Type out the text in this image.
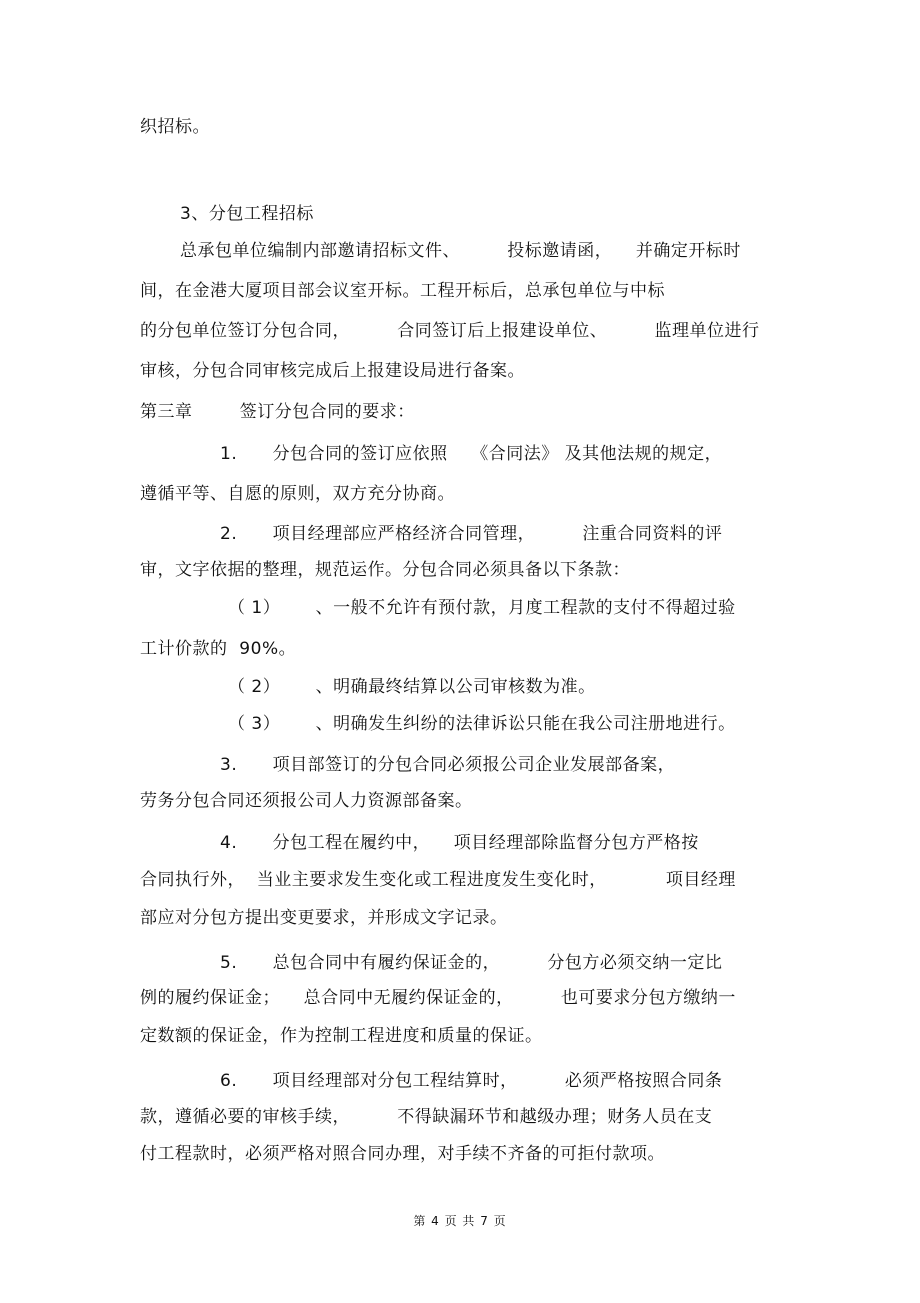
织招标。
3、分包工程招标
总承包单位编制内部邀请招标文件、        投标邀请函，    并确定开标时
间，在金港大厦项目部会议室开标。工程开标后，总承包单位与中标
的分包单位签订分包合同，        合同签订后上报建设单位、        监理单位进行
审核，分包合同审核完成后上报建设局进行备案。
第三章        签订分包合同的要求：
1.      分包合同的签订应依照    《合同法》 及其他法规的规定，
遵循平等、自愿的原则，双方充分协商。
2.      项目经理部应严格经济合同管理，        注重合同资料的评
审，文字依据的整理，规范运作。分包合同必须具备以下条款：
（ 1）      、一般不允许有预付款，月度工程款的支付不得超过验
工计价款的  90%。
（ 2）      、明确最终结算以公司审核数为准。
（ 3）      、明确发生纠纷的法律诉讼只能在我公司注册地进行。
3.      项目部签订的分包合同必须报公司企业发展部备案，
劳务分包合同还须报公司人力资源部备案。
4.      分包工程在履约中，    项目经理部除监督分包方严格按
合同执行外，  当业主要求发生变化或工程进度发生变化时，          项目经理
部应对分包方提出变更要求，并形成文字记录。
5.      总包合同中有履约保证金的，        分包方必须交纳一定比
例的履约保证金；    总合同中无履约保证金的，        也可要求分包方缴纳一
定数额的保证金，作为控制工程进度和质量的保证。
6.      项目经理部对分包工程结算时，        必须严格按照合同条
款，遵循必要的审核手续，        不得缺漏环节和越级办理；财务人员在支
付工程款时，必须严格对照合同办理，对手续不齐备的可拒付款项。
第 4 页 共 7 页
